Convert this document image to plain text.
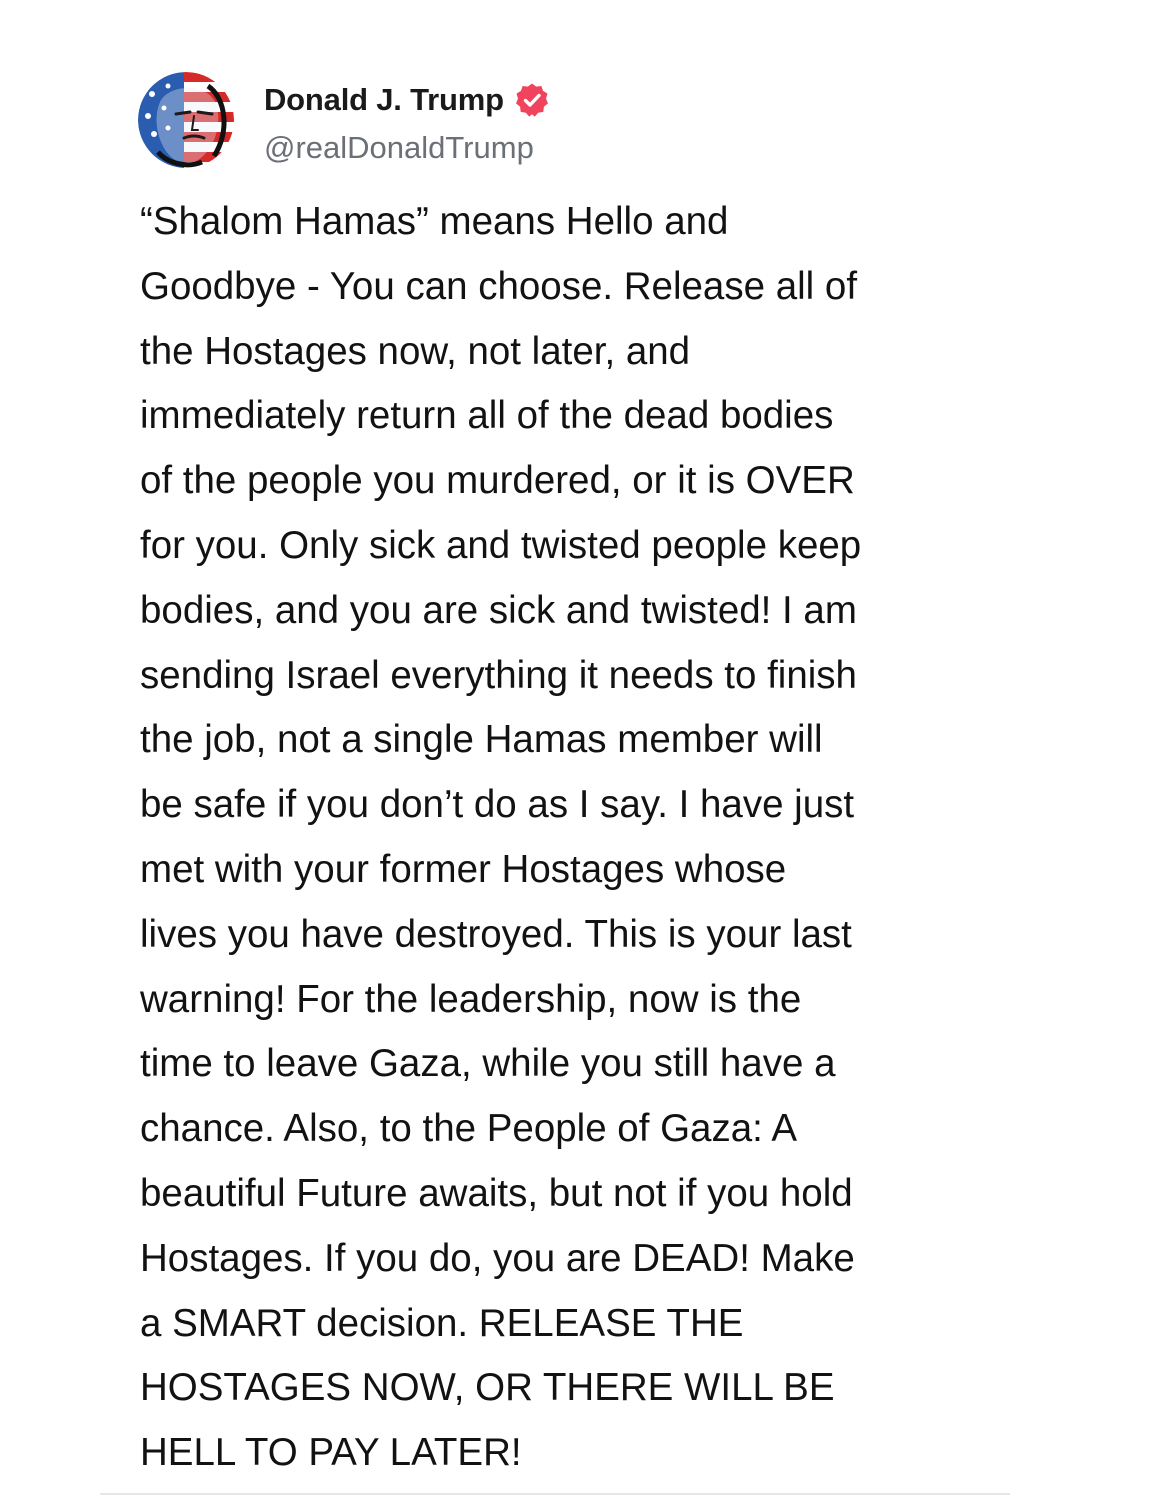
Donald J. Trump
@realDonaldTrump
“Shalom Hamas” means Hello and
Goodbye - You can choose. Release all of
the Hostages now, not later, and
immediately return all of the dead bodies
of the people you murdered, or it is OVER
for you. Only sick and twisted people keep
bodies, and you are sick and twisted! I am
sending Israel everything it needs to finish
the job, not a single Hamas member will
be safe if you don’t do as I say. I have just
met with your former Hostages whose
lives you have destroyed. This is your last
warning! For the leadership, now is the
time to leave Gaza, while you still have a
chance. Also, to the People of Gaza: A
beautiful Future awaits, but not if you hold
Hostages. If you do, you are DEAD! Make
a SMART decision. RELEASE THE
HOSTAGES NOW, OR THERE WILL BE
HELL TO PAY LATER!
